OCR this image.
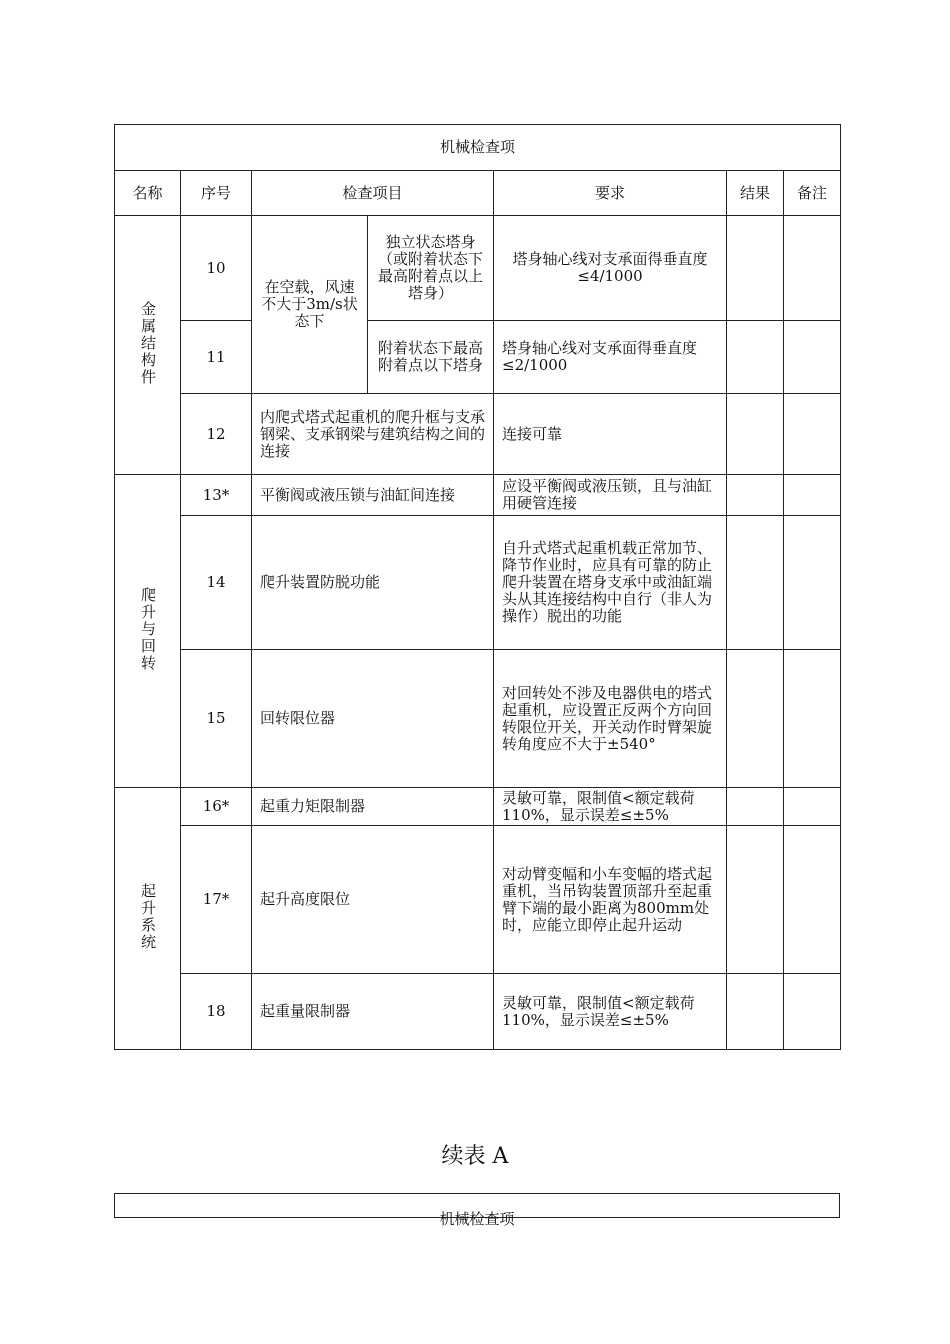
机械检查项						
名称	序号	检查项目		要求	结果	备注
金属结构件	10	在空载，风速不大于3m/s状态下	独立状态塔身（或附着状态下最高附着点以上塔身）	塔身轴心线对支承面得垂直度≤4/1000		
	11		附着状态下最高附着点以下塔身	塔身轴心线对支承面得垂直度≤2/1000		
	12	内爬式塔式起重机的爬升框与支承钢梁、支承钢梁与建筑结构之间的连接		连接可靠		
爬升与回转	13*	平衡阀或液压锁与油缸间连接		应设平衡阀或液压锁，且与油缸用硬管连接		
	14	爬升装置防脱功能		自升式塔式起重机载正常加节、降节作业时，应具有可靠的防止爬升装置在塔身支承中或油缸端头从其连接结构中自行（非人为操作）脱出的功能		
	15	回转限位器		对回转处不涉及电器供电的塔式起重机，应设置正反两个方向回转限位开关，开关动作时臂架旋转角度应不大于±540°		
起升系统	16*	起重力矩限制器		灵敏可靠，限制值<额定载荷110%，显示误差≤±5%		
	17*	起升高度限位		对动臂变幅和小车变幅的塔式起重机，当吊钩装置顶部升至起重臂下端的最小距离为800mm处时，应能立即停止起升运动		
	18	起重量限制器		灵敏可靠，限制值<额定载荷110%，显示误差≤±5%		
续表 A
机械检查项
